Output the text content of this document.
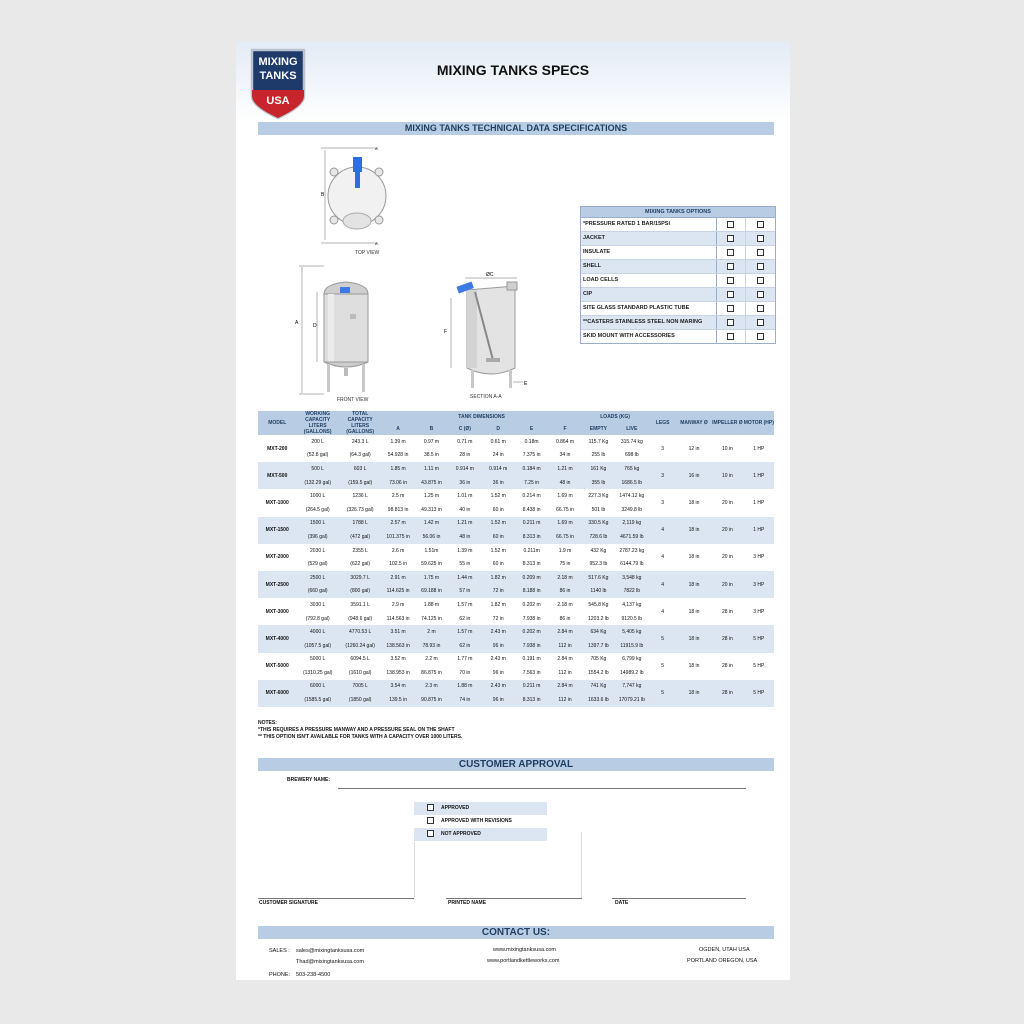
MIXING
TANKS
USA
MIXING TANKS SPECS
MIXING TANKS TECHNICAL DATA SPECIFICATIONS
B
A
A
TOP VIEW
A	D
FRONT VIEW
ØC
F
E
SECTION A-A
MIXING TANKS OPTIONS
*PRESSURE RATED 1 BAR/15PSI
JACKET
INSULATE
SHELL
LOAD CELLS
CIP
SITE GLASS STANDARD PLASTIC TUBE
**CASTERS STAINLESS STEEL NON MARING
SKID MOUNT WITH ACCESSORIES
MODEL	WORKING CAPACITY LITERS (GALLONS)	TOTAL CAPACITY LITERS (GALLONS)	TANK DIMENSIONS						LOADS (KG)		LEGS	MANWAY Ø	IMPELLER Ø	MOTOR (HP)
			A	B	C (Ø)	D	E	F	EMPTY	LIVE				
MXT-200	200 L	243.3 L	1.39 m	0.97 m	0.71 m	0.61 m	0.18m	0.864 m	115.7 Kg	315.74 kg	3	12 in	10 in	1 HP
	(52.8 gal)	(64.3 gal)	54.928 in	38.5 in	28 in	24 in	7.375 in	34 in	255 lb	698 lb				
MXT-500	500 L	603 L	1.85 m	1.11 m	0.914 m	0.914 m	0.184 m	1.21 m	161 Kg	765 kg	3	16 in	10 in	1 HP
	(132.29 gal)	(159.5 gal)	73.06 in	43.875 in	36 in	36 in	7.25 in	48 in	355 lb	1686.5 lb				
MXT-1000	1000 L	1236 L	2.5 m	1.25 m	1.01 m	1.52 m	0.214 m	1.69 m	227.3 Kg	1474.12 kg	3	18 in	20 in	1 HP
	(264.5 gal)	(326.73 gal)	98.813 in	49.313 in	40 in	60 in	8.438 in	66.75 in	501 lb	3249.8 lb				
MXT-1500	1500 L	1788 L	2.57 m	1.42 m	1.21 m	1.52 m	0.211 m	1.69 m	330.5 Kg	2,119 kg	4	18 in	20 in	1 HP
	(396 gal)	(472 gal)	101.375 in	56.06 in	48 in	60 in	8.313 in	66.75 in	728.6 lb	4671.59 lb				
MXT-2000	2030 L	2355 L	2.6 m	1.51m	1.39 m	1.52 m	0.211m	1.9 m	432 Kg	2787.23 kg	4	18 in	20 in	3 HP
	(529 gal)	(622 gal)	102.5 in	59.625 in	55 in	60 in	8.313 in	75 in	952.3 lb	6144.79 lb				
MXT-2500	2500 L	3029.7 L	2.91 m	1.75 m	1.44 m	1.82 m	0.209 m	2.18 m	517.6 Kg	3,548 kg	4	18 in	20 in	3 HP
	(660 gal)	(800 gal)	114.625 in	69.188 in	57 in	72 in	8.188 in	86 in	1140 lb	7822 lb				
MXT-3000	3030 L	3591.1 L	2.9 m	1.88 m	1.57 m	1.82 m	0.202 m	2.18 m	545.8 Kg	4,137 kg	4	18 in	28 in	3 HP
	(792.8 gal)	(948.6 gal)	114.563 in	74.125 in	62 in	72 in	7.938 in	86 in	1203.2 lb	9120.5 lb				
MXT-4000	4000 L	4770.53 L	3.51 m	2 m	1.57 m	2.43 m	0.202 m	2.84 m	634 Kg	5,405 kg	5	18 in	28 in	5 HP
	(1057.5 gal)	(1260.24 gal)	138.563 in	78.93 in	62 in	96 in	7.938 in	112 in	1397.7 lb	11915.9 lb				
MXT-5000	5000 L	6094.5 L	3.52 m	2.2 m	1.77 m	2.43 m	0.191 m	2.84 m	705 Kg	6,799 kg	5	18 in	28 in	5 HP
	(1310.25 gal)	(1610 gal)	138.953 in	86.875 in	70 in	96 in	7.563 in	112 in	1554.2 lb	14989.2 lb				
MXT-6000	6000 L	7005 L	3.54 m	2.3 m	1.88 m	2.43 m	0.211 m	2.84 m	741 Kg	7,747 kg	5	18 in	28 in	5 HP
	(1585.5 gal)	(1850 gal)	139.5 in	90.875 in	74 in	96 in	8.313 in	112 in	1633.6 lb	17079.21 lb				
NOTES:
*THIS REQUIRES A PRESSURE MANWAY AND A PRESSURE SEAL ON THE SHAFT
** THIS OPTION ISN'T AVAILABLE FOR TANKS WITH A CAPACITY OVER 1000 LITERS.
CUSTOMER APPROVAL
BREWERY NAME:
APPROVED
APPROVED WITH REVISIONS
NOT APPROVED
CUSTOMER SIGNATURE	PRINTED NAME	DATE
CONTACT US:
SALES : sales@mixingtanksusa.com
Thad@mixingtanksusa.com
PHONE: 503-238-4500
www.mixingtanksusa.com
www.portlandkettleworks.com
OGDEN, UTAH USA
PORTLAND OREGON, USA
